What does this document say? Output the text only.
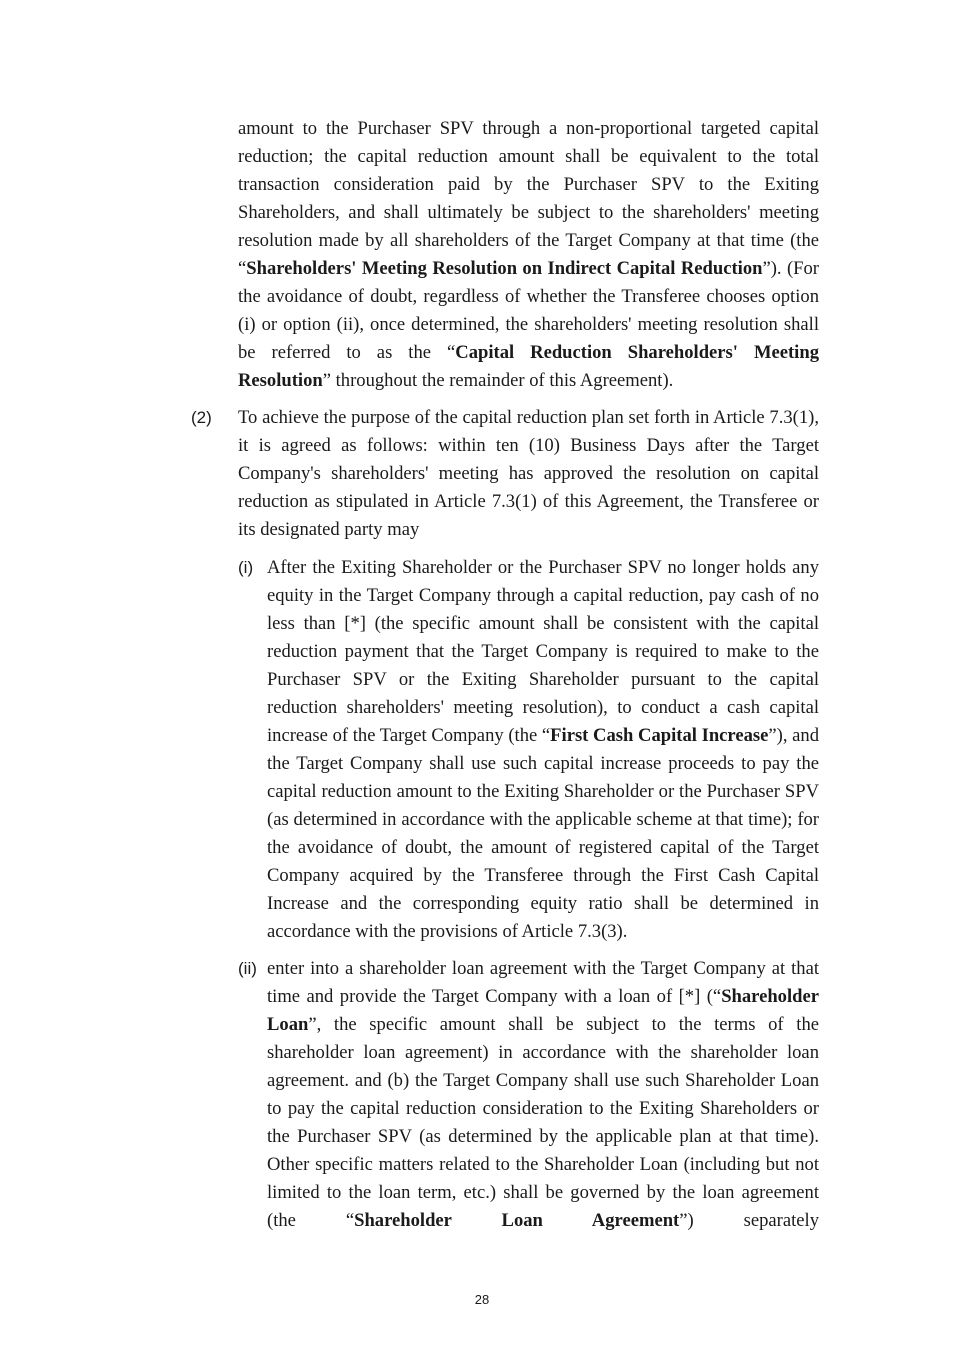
amount to the Purchaser SPV through a non-proportional targeted capital reduction; the capital reduction amount shall be equivalent to the total transaction consideration paid by the Purchaser SPV to the Exiting Shareholders, and shall ultimately be subject to the shareholders' meeting resolution made by all shareholders of the Target Company at that time (the “Shareholders' Meeting Resolution on Indirect Capital Reduction”). (For the avoidance of doubt, regardless of whether the Transferee chooses option (i) or option (ii), once determined, the shareholders' meeting resolution shall be referred to as the “Capital Reduction Shareholders' Meeting Resolution” throughout the remainder of this Agreement).

(2) To achieve the purpose of the capital reduction plan set forth in Article 7.3(1), it is agreed as follows: within ten (10) Business Days after the Target Company's shareholders' meeting has approved the resolution on capital reduction as stipulated in Article 7.3(1) of this Agreement, the Transferee or its designated party may

(i) After the Exiting Shareholder or the Purchaser SPV no longer holds any equity in the Target Company through a capital reduction, pay cash of no less than [*] (the specific amount shall be consistent with the capital reduction payment that the Target Company is required to make to the Purchaser SPV or the Exiting Shareholder pursuant to the capital reduction shareholders' meeting resolution), to conduct a cash capital increase of the Target Company (the “First Cash Capital Increase”), and the Target Company shall use such capital increase proceeds to pay the capital reduction amount to the Exiting Shareholder or the Purchaser SPV (as determined in accordance with the applicable scheme at that time); for the avoidance of doubt, the amount of registered capital of the Target Company acquired by the Transferee through the First Cash Capital Increase and the corresponding equity ratio shall be determined in accordance with the provisions of Article 7.3(3).

(ii) enter into a shareholder loan agreement with the Target Company at that time and provide the Target Company with a loan of [*] (“Shareholder Loan”, the specific amount shall be subject to the terms of the shareholder loan agreement) in accordance with the shareholder loan agreement. and (b) the Target Company shall use such Shareholder Loan to pay the capital reduction consideration to the Exiting Shareholders or the Purchaser SPV (as determined by the applicable plan at that time). Other specific matters related to the Shareholder Loan (including but not limited to the loan term, etc.) shall be governed by the loan agreement (the “Shareholder Loan Agreement”) separately

28
